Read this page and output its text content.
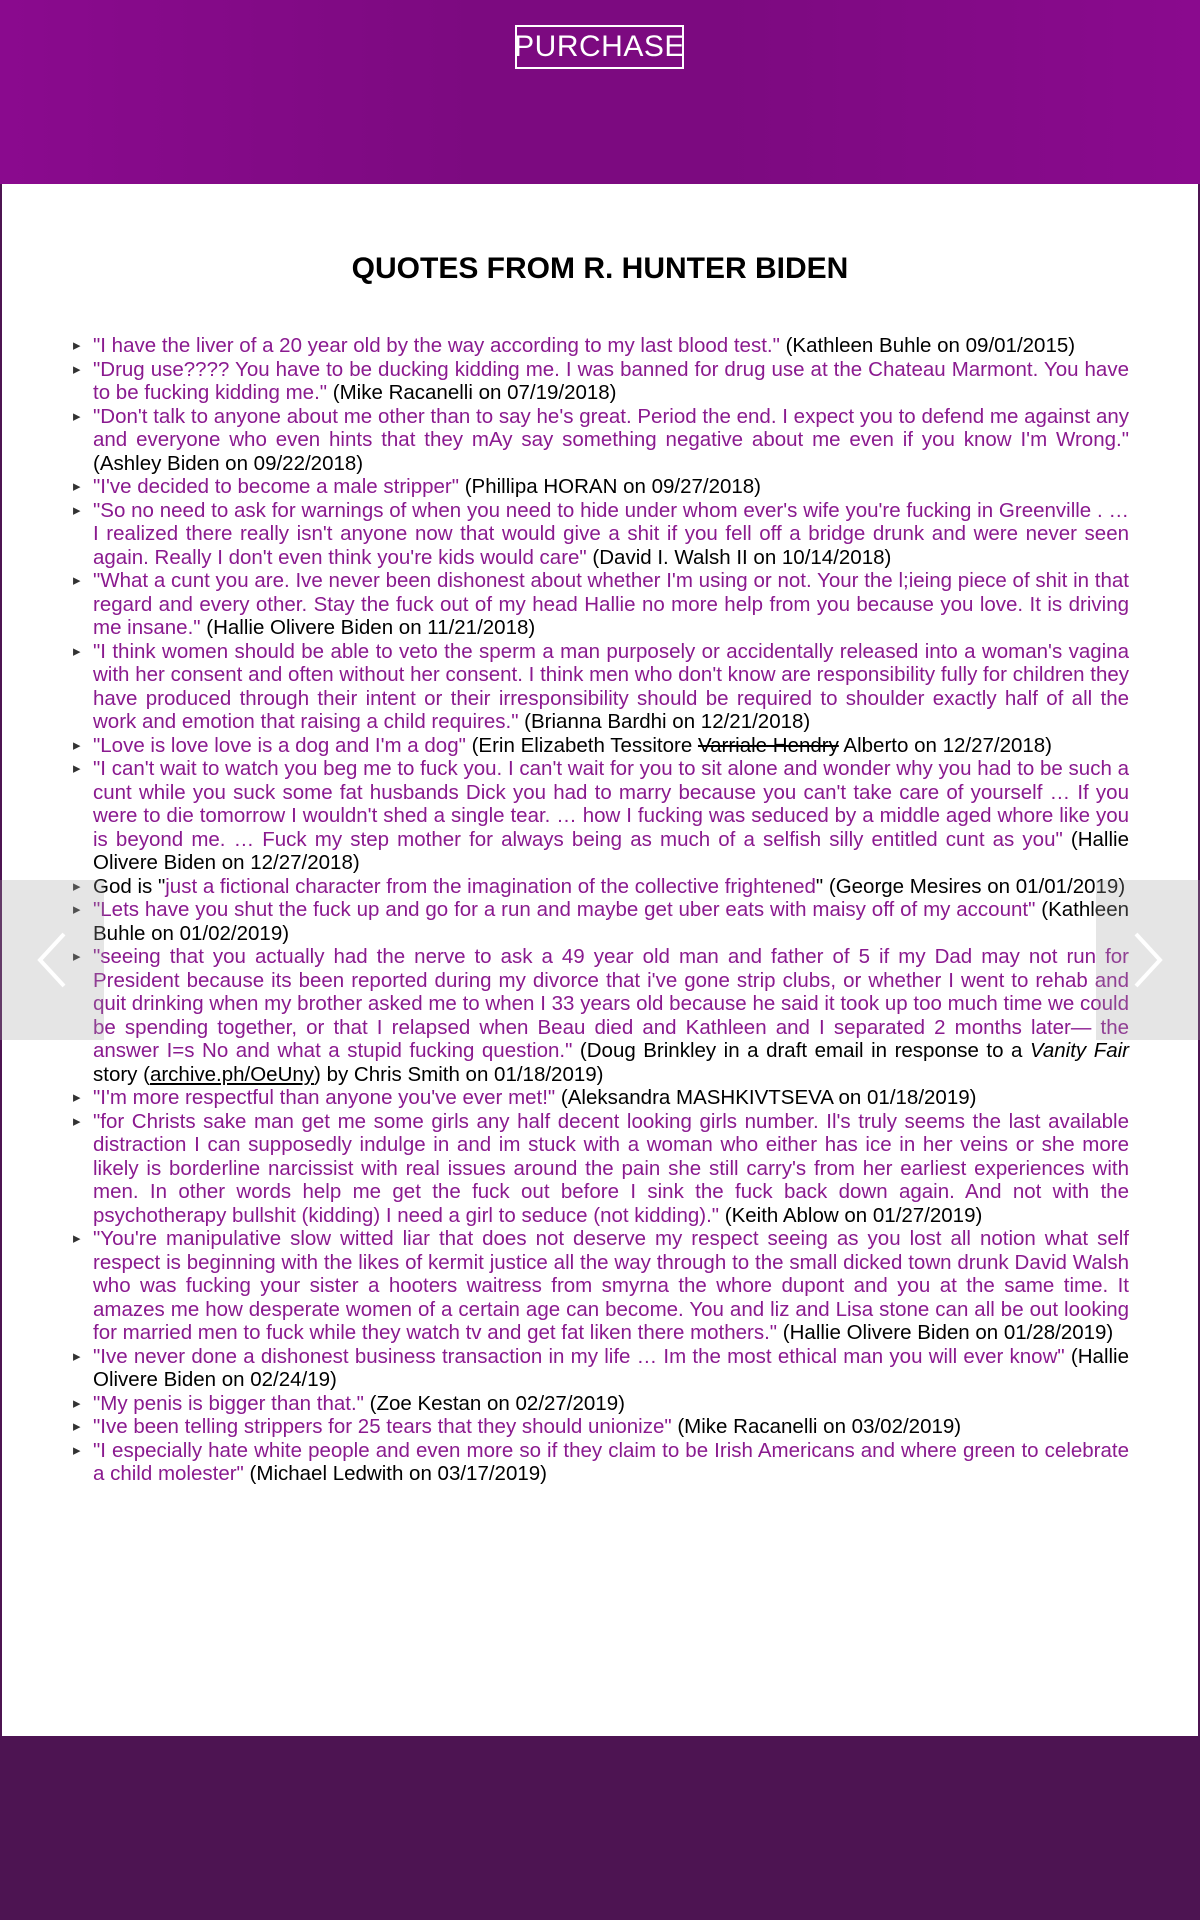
PURCHASE
QUOTES FROM R. HUNTER BIDEN
▸ "I have the liver of a 20 year old by the way according to my last blood test." (Kathleen Buhle on 09/01/2015)
▸ "Drug use???? You have to be ducking kidding me. I was banned for drug use at the Chateau Marmont. You have to be fucking kidding me." (Mike Racanelli on 07/19/2018)
▸ "Don't talk to anyone about me other than to say he's great. Period the end. I expect you to defend me against any and everyone who even hints that they mAy say something negative about me even if you know I'm Wrong." (Ashley Biden on 09/22/2018)
▸ "I've decided to become a male stripper" (Phillipa HORAN on 09/27/2018)
▸ "So no need to ask for warnings of when you need to hide under whom ever's wife you're fucking in Greenville . … I realized there really isn't anyone now that would give a shit if you fell off a bridge drunk and were never seen again. Really I don't even think you're kids would care" (David I. Walsh II on 10/14/2018)
▸ "What a cunt you are. Ive never been dishonest about whether I'm using or not. Your the l;ieing piece of shit in that regard and every other. Stay the fuck out of my head Hallie no more help from you because you love. It is driving me insane." (Hallie Olivere Biden on 11/21/2018)
▸ "I think women should be able to veto the sperm a man purposely or accidentally released into a woman's vagina with her consent and often without her consent. I think men who don't know are responsibility fully for children they have produced through their intent or their irresponsibility should be required to shoulder exactly half of all the work and emotion that raising a child requires." (Brianna Bardhi on 12/21/2018)
▸ "Love is love love is a dog and I'm a dog" (Erin Elizabeth Tessitore Varriale Hendry Alberto on 12/27/2018)
▸ "I can't wait to watch you beg me to fuck you. I can't wait for you to sit alone and wonder why you had to be such a cunt while you suck some fat husbands Dick you had to marry because you can't take care of yourself … If you were to die tomorrow I wouldn't shed a single tear. … how I fucking was seduced by a middle aged whore like you is beyond me. … Fuck my step mother for always being as much of a selfish silly entitled cunt as you" (Hallie Olivere Biden on 12/27/2018)
▸ God is "just a fictional character from the imagination of the collective frightened" (George Mesires on 01/01/2019)
▸ "Lets have you shut the fuck up and go for a run and maybe get uber eats with maisy off of my account" (Kathleen Buhle on 01/02/2019)
▸ "seeing that you actually had the nerve to ask a 49 year old man and father of 5 if my Dad may not run for President because its been reported during my divorce that i've gone strip clubs, or whether I went to rehab and quit drinking when my brother asked me to when I 33 years old because he said it took up too much time we could be spending together, or that I relapsed when Beau died and Kathleen and I separated 2 months later— the answer I=s No and what a stupid fucking question." (Doug Brinkley in a draft email in response to a Vanity Fair story (archive.ph/OeUny) by Chris Smith on 01/18/2019)
▸ "I'm more respectful than anyone you've ever met!" (Aleksandra MASHKIVTSEVA on 01/18/2019)
▸ "for Christs sake man get me some girls any half decent looking girls number. Il's truly seems the last available distraction I can supposedly indulge in and im stuck with a woman who either has ice in her veins or she more likely is borderline narcissist with real issues around the pain she still carry's from her earliest experiences with men. In other words help me get the fuck out before I sink the fuck back down again. And not with the psychotherapy bullshit (kidding) I need a girl to seduce (not kidding)." (Keith Ablow on 01/27/2019)
▸ "You're manipulative slow witted liar that does not deserve my respect seeing as you lost all notion what self respect is beginning with the likes of kermit justice all the way through to the small dicked town drunk David Walsh who was fucking your sister a hooters waitress from smyrna the whore dupont and you at the same time. It amazes me how desperate women of a certain age can become. You and liz and Lisa stone can all be out looking for married men to fuck while they watch tv and get fat liken there mothers." (Hallie Olivere Biden on 01/28/2019)
▸ "Ive never done a dishonest business transaction in my life … Im the most ethical man you will ever know" (Hallie Olivere Biden on 02/24/19)
▸ "My penis is bigger than that." (Zoe Kestan on 02/27/2019)
▸ "Ive been telling strippers for 25 tears that they should unionize" (Mike Racanelli on 03/02/2019)
▸ "I especially hate white people and even more so if they claim to be Irish Americans and where green to celebrate a child molester" (Michael Ledwith on 03/17/2019)
